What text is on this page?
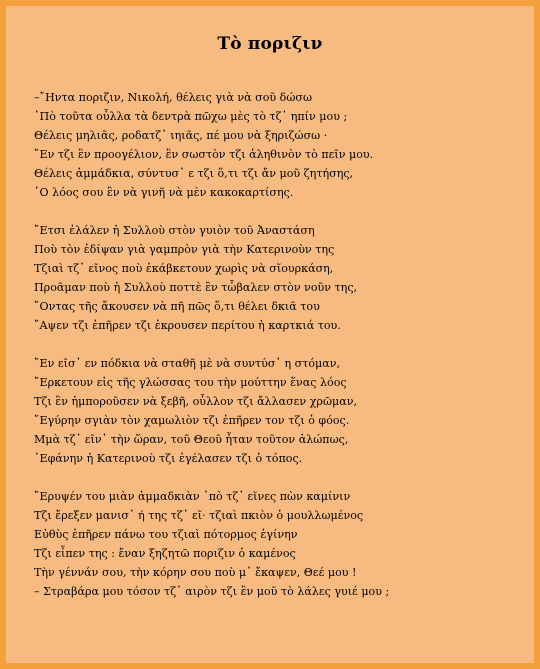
Τὸ ποριζιν
–῎Ηντα ποριζιν, Νικολή, θέλεις γιὰ νὰ σοῦ δώσω
῾Πὸ τοῦτα οὖλλα τὰ δεντρὰ πῶχω μὲς τὸ τζ᾽ ηπίν μου ;
Θέλεις μηλιᾶς, ροδατζ᾽ ιηιᾶς, πέ μου νὰ ξηριζώσω ·
῎Εν τζι ἒν προογέλιον, ἒν σωστὸν τζι ἀληθινὸν τὸ πεῖν μου.
Θέλεις ἀμμάδκια, σύντυσ᾽ ε τζι ὅ,τι τζι ἄν μοῦ ζητήσης,
῾Ο λόος σου ἒν νὰ γινῆ νὰ μὲν κακοκαρτίσης.
῎Ετσι ἐλάλεν ἡ Συλλοὺ στὸν γυιὸν τοῦ Ἀναστάση
Ποὺ τὸν ἐδίψαν γιὰ γαμπρὸν γιὰ τὴν Κατερινοὺν της
Τζιαὶ τζ᾽ εῖνος ποὺ ἐκάβκετουν χωρὶς νὰ σῖουρκάση,
Προᾶμαν ποὺ ἡ Συλλοὺ ποττὲ ἒν τὦβαλεν στὸν νοῦν της,
῎Οντας τῆς ἄκουσεν νὰ πῆ πῶς ὅ,τι θέλει δκιᾶ του
῎Αψεν τζι ἐπῆρεν τζι ἐκρουσεν περίτου ἡ καρτκιά του.
῎Εν εῖσ᾽ εν πόδκια νὰ σταθῆ μὲ νὰ συντύσ᾽ η στόμαν,
῎Ερκετουν εἰς τῆς γλώσσας του τὴν μούττην ἕνας λόος
Τζι ἒν ἠμποροῦσεν νὰ ξεβῆ, οὖλλον τζι ἄλλασεν χρῶμαν,
῎Εγύρην σγιὰν τὸν χαμωλιὸν τζι ἐπῆρεν τον τζι ὁ φόος.
Μμὰ τζ᾽ εῖν᾽ τὴν ὥραν, τοῦ Θεοῦ ἦταν τοῦτον ἀλώπως,
᾽Εφάνην ἡ Κατερινοὺ τζι ἐγέλασεν τζι ὁ τόπος.
῎Ερυψέν του μιὰν ἀμμαδκιὰν ᾽πὸ τζ᾽ εῖνες πὼν καμίνιν
Τζι ἔρεξεν μανισ᾽ ή της τζ᾽ εῖ· τζιαὶ πκιὸν ὁ μουλλωμένος
Εὐθὺς ἐπῆρεν πάνω του τζιαὶ πότορμος ἐγίνην
Τζι εἶπεν της : ἔναν ξηζητῶ ποριζιν ὁ καμένος
Τὴν γέννάν σου, τὴν κόρην σου ποὺ μ᾽ ἔκαψεν, Θεέ μου !
– Στραβάρα μου τόσον τζ᾽ αιρὸν τζι ἒν μοῦ τὸ λάλες γυιέ μου ;
